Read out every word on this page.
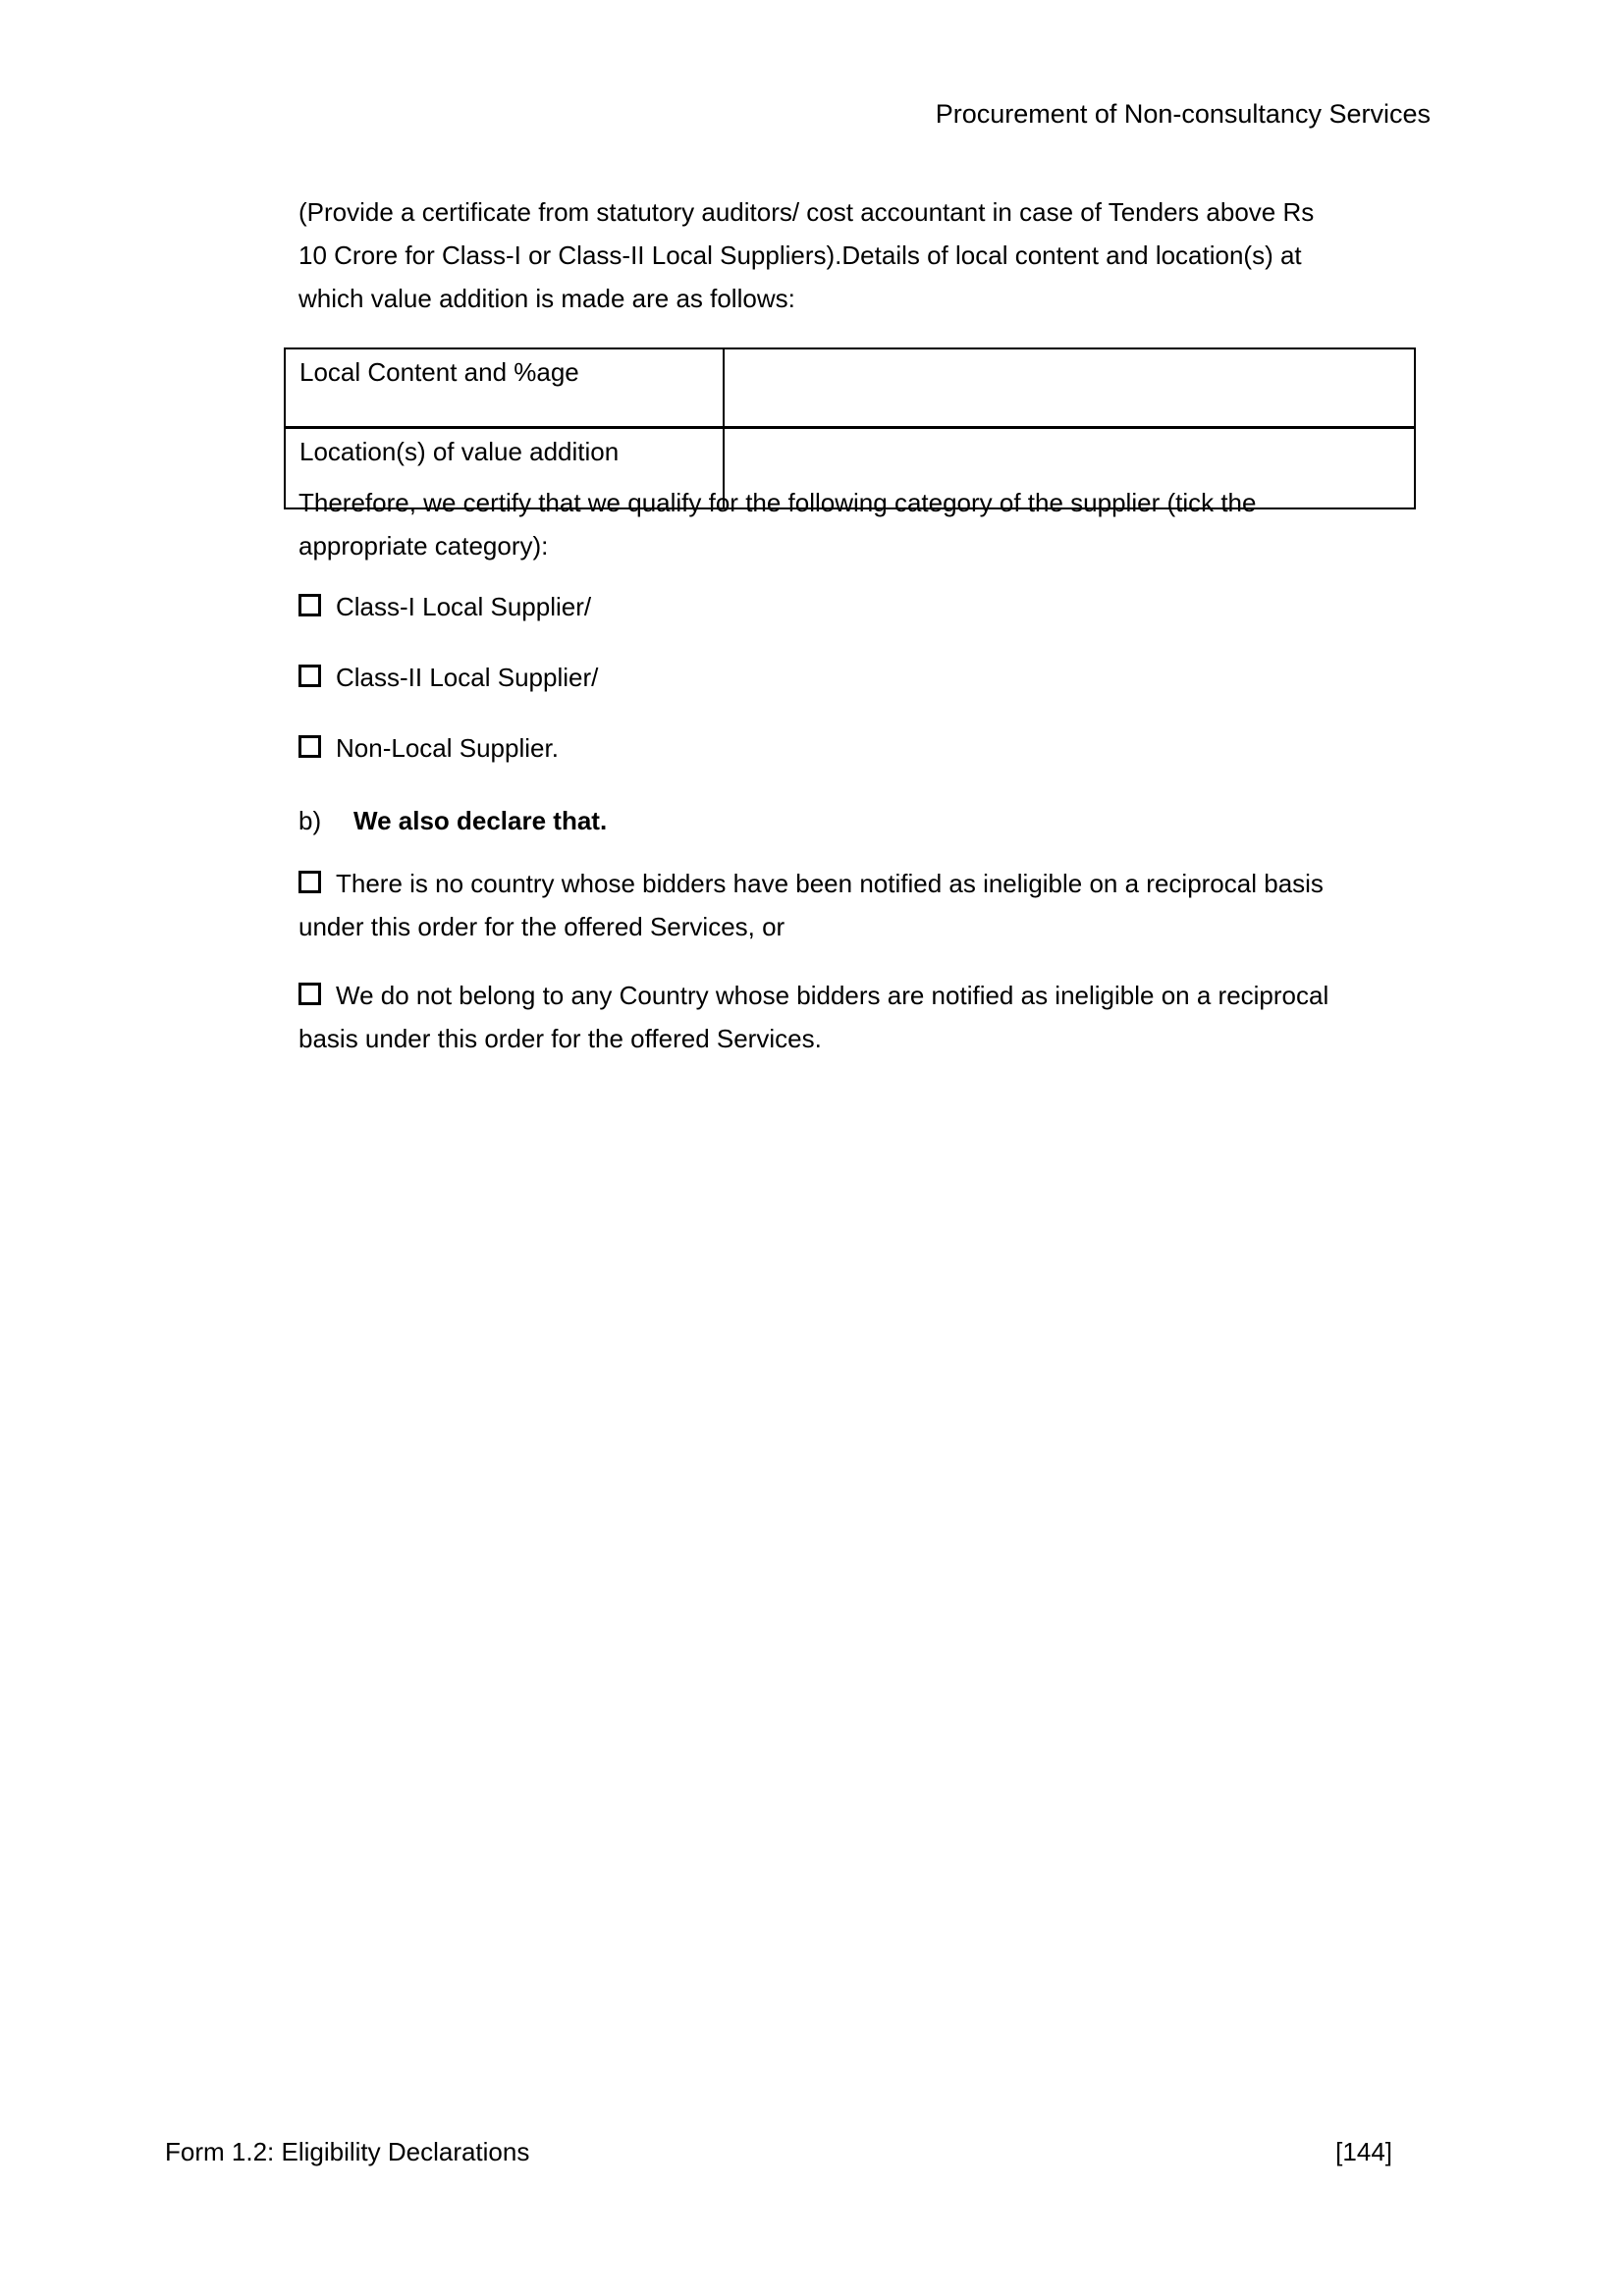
Procurement of Non-consultancy Services
(Provide a certificate from statutory auditors/ cost accountant in case of Tenders above Rs
10 Crore for Class-I or Class-II Local Suppliers).Details of local content and location(s) at
which value addition is made are as follows:
Local Content and %age	
Location(s) of value addition	
Therefore, we certify that we qualify for the following category of the supplier (tick the
appropriate category):
Class-I Local Supplier/
Class-II Local Supplier/
Non-Local Supplier.
b) We also declare that.
There is no country whose bidders have been notified as ineligible on a reciprocal basis
under this order for the offered Services, or
We do not belong to any Country whose bidders are notified as ineligible on a reciprocal
basis under this order for the offered Services.
Form 1.2: Eligibility Declarations	[144]
